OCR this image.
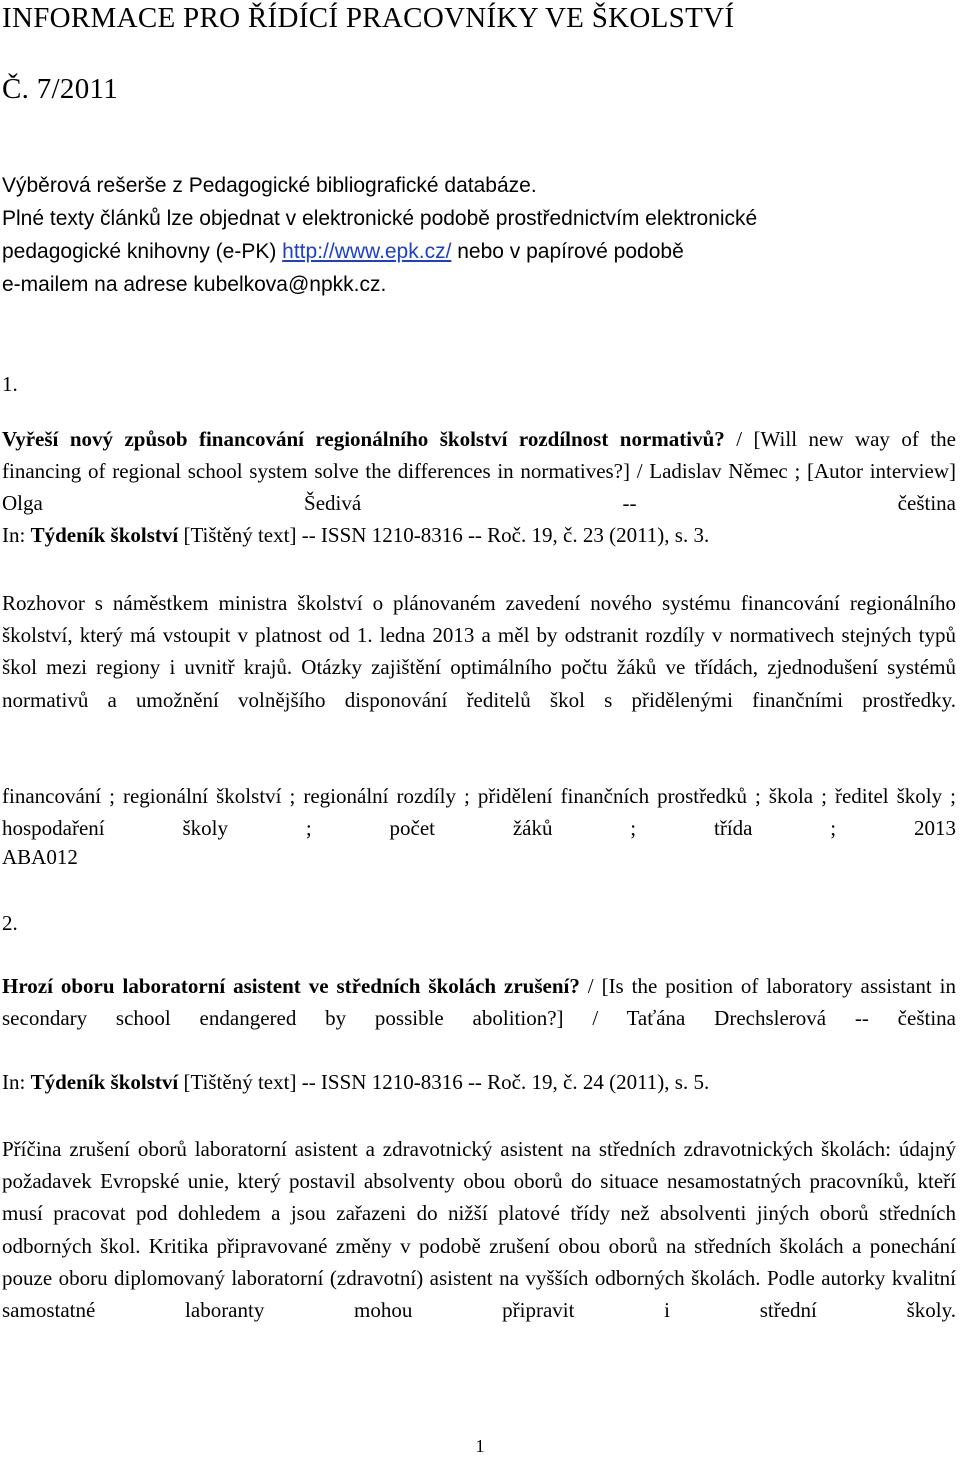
INFORMACE PRO ŘÍDÍCÍ PRACOVNÍKY VE ŠKOLSTVÍ
Č. 7/2011
Výběrová rešerše z Pedagogické bibliografické databáze.
Plné texty článků lze objednat v elektronické podobě prostřednictvím elektronické
pedagogické knihovny (e-PK) http://www.epk.cz/ nebo v papírové podobě
e-mailem na adrese kubelkova@npkk.cz.
1.

Vyřeší nový způsob financování regionálního školství rozdílnost normativů? / [Will new way of the financing of regional school system solve the differences in normatives?] / Ladislav Němec ; [Autor interview] Olga Šedivá -- čeština

In: Týdeník školství [Tištěný text] -- ISSN 1210-8316 -- Roč. 19, č. 23 (2011), s. 3.

Rozhovor s náměstkem ministra školství o plánovaném zavedení nového systému financování regionálního školství, který má vstoupit v platnost od 1. ledna 2013 a měl by odstranit rozdíly v normativech stejných typů škol mezi regiony i uvnitř krajů. Otázky zajištění optimálního počtu žáků ve třídách, zjednodušení systémů normativů a umožnění volnějšího disponování ředitelů škol s přidělenými finančními prostředky.

financování ; regionální školství ; regionální rozdíly ; přidělení finančních prostředků ; škola ; ředitel školy ; hospodaření školy ; počet žáků ; třída ; 2013

ABA012
2.

Hrozí oboru laboratorní asistent ve středních školách zrušení? / [Is the position of laboratory assistant in secondary school endangered by possible abolition?] / Taťána Drechslerová -- čeština

In: Týdeník školství [Tištěný text] -- ISSN 1210-8316 -- Roč. 19, č. 24 (2011), s. 5.

Příčina zrušení oborů laboratorní asistent a zdravotnický asistent na středních zdravotnických školách: údajný požadavek Evropské unie, který postavil absolventy obou oborů do situace nesamostatných pracovníků, kteří musí pracovat pod dohledem a jsou zařazeni do nižší platové třídy než absolventi jiných oborů středních odborných škol. Kritika připravované změny v podobě zrušení obou oborů na středních školách a ponechání pouze oboru diplomovaný laboratorní (zdravotní) asistent na vyšších odborných školách. Podle autorky kvalitní samostatné laboranty mohou připravit i střední školy.

1
